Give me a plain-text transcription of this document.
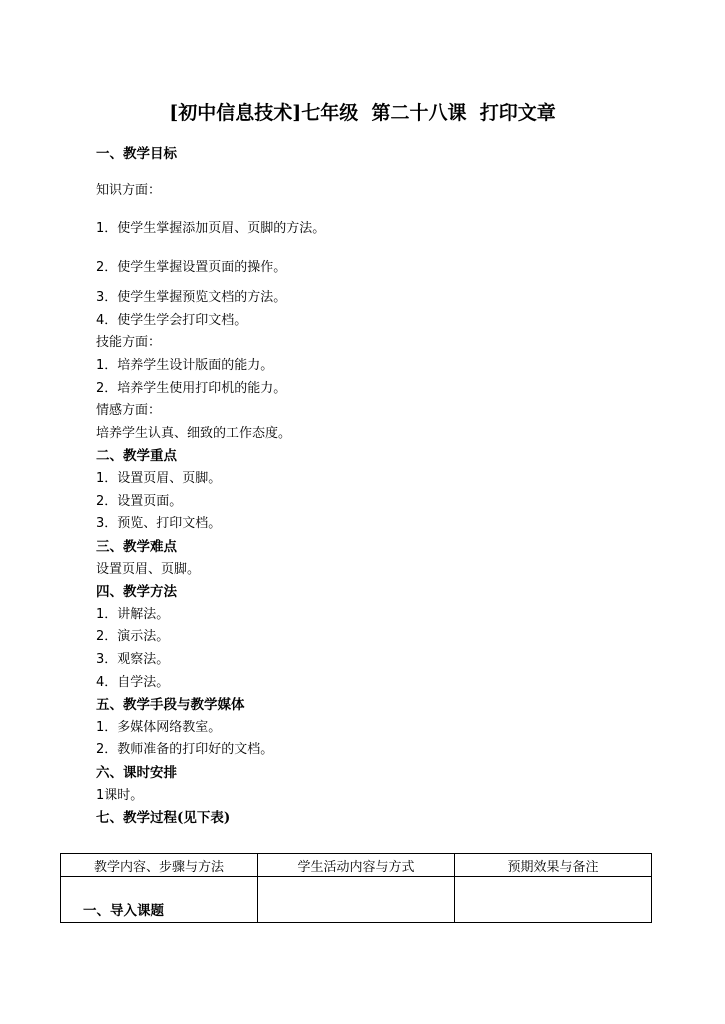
[初中信息技术]七年级  第二十八课  打印文章
一、教学目标
知识方面：
1．使学生掌握添加页眉、页脚的方法。
2．使学生掌握设置页面的操作。
3．使学生掌握预览文档的方法。
4．使学生学会打印文档。
技能方面：
1．培养学生设计版面的能力。
2．培养学生使用打印机的能力。
情感方面：
培养学生认真、细致的工作态度。
二、教学重点
1．设置页眉、页脚。
2．设置页面。
3．预览、打印文档。
三、教学难点
设置页眉、页脚。
四、教学方法
1．讲解法。
2．演示法。
3．观察法。
4．自学法。
五、教学手段与教学媒体
1．多媒体网络教室。
2．教师准备的打印好的文档。
六、课时安排
1课时。
七、教学过程(见下表)
教学内容、步骤与方法	学生活动内容与方式	预期效果与备注

一、导入课题		
